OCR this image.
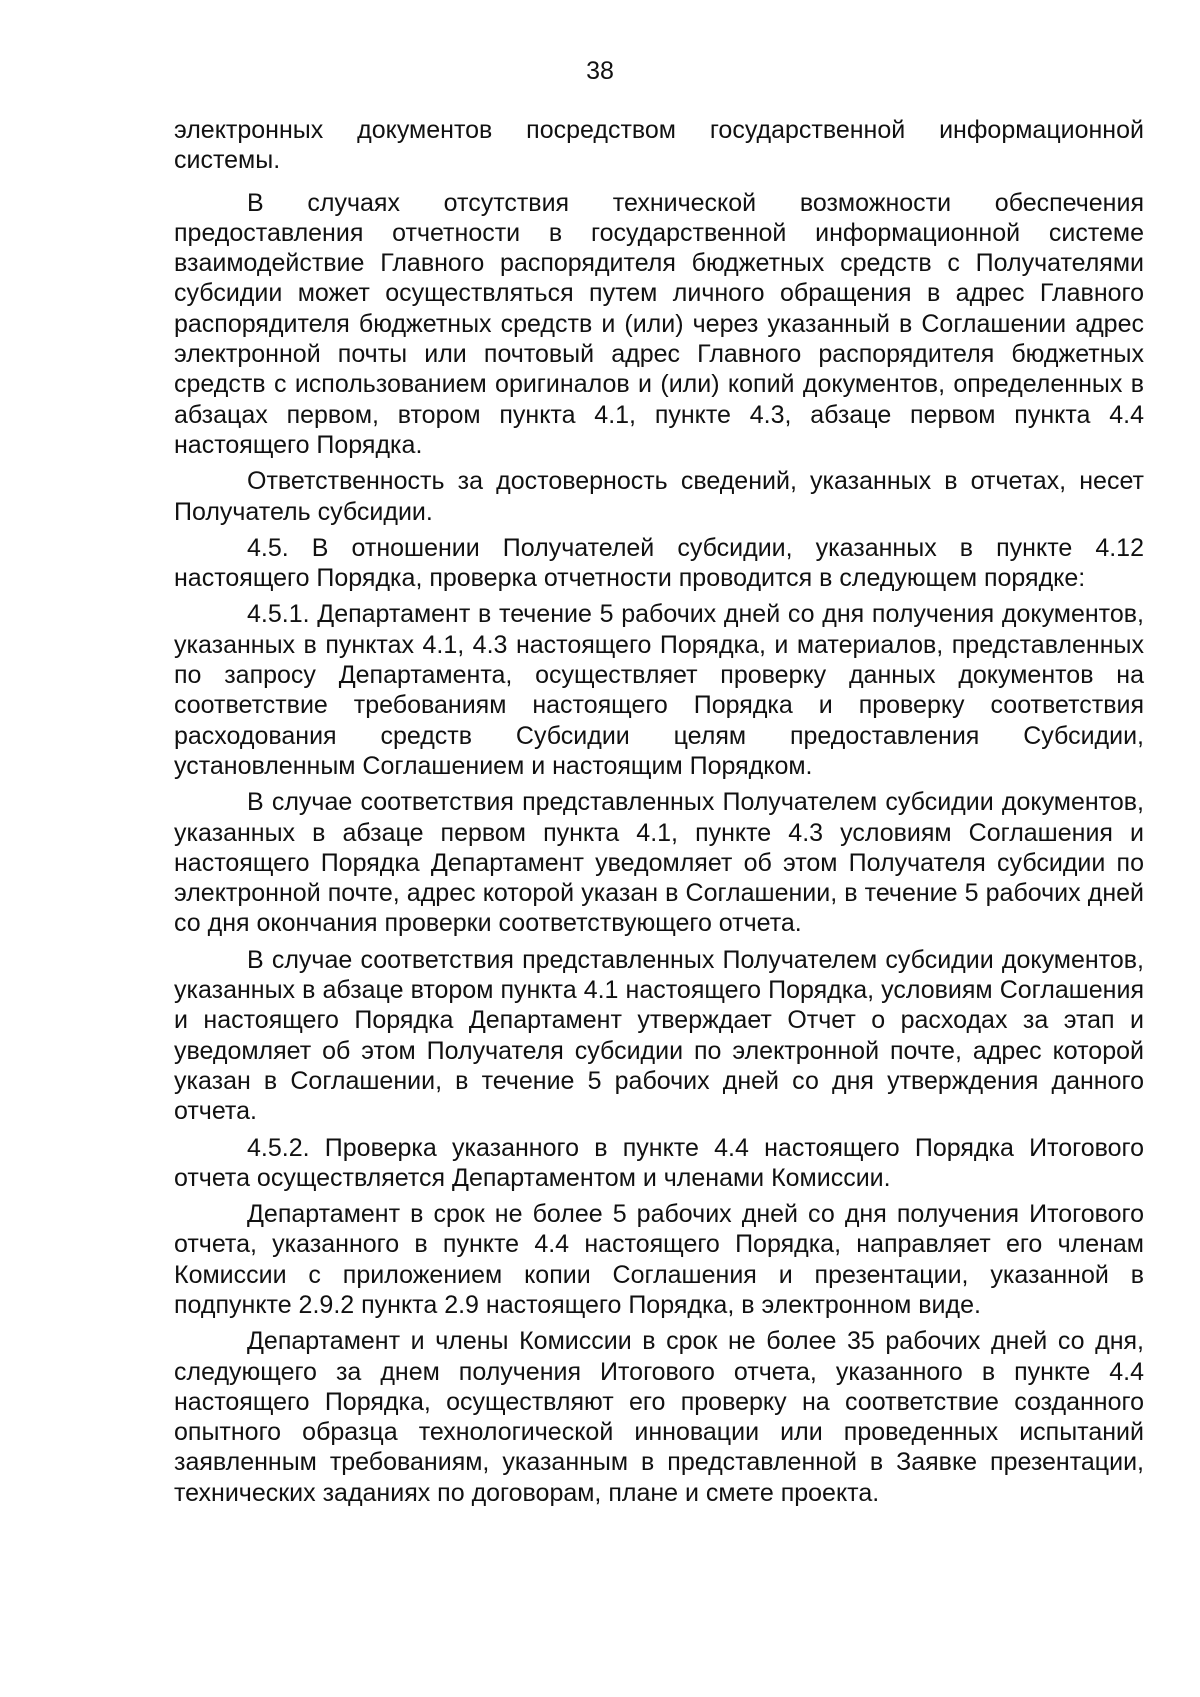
38

электронных документов посредством государственной информационной системы.

В случаях отсутствия технической возможности обеспечения предоставления отчетности в государственной информационной системе взаимодействие Главного распорядителя бюджетных средств с Получателями субсидии может осуществляться путем личного обращения в адрес Главного распорядителя бюджетных средств и (или) через указанный в Соглашении адрес электронной почты или почтовый адрес Главного распорядителя бюджетных средств с использованием оригиналов и (или) копий документов, определенных в абзацах первом, втором пункта 4.1, пункте 4.3, абзаце первом пункта 4.4 настоящего Порядка.

Ответственность за достоверность сведений, указанных в отчетах, несет Получатель субсидии.

4.5. В отношении Получателей субсидии, указанных в пункте 4.12 настоящего Порядка, проверка отчетности проводится в следующем порядке:

4.5.1. Департамент в течение 5 рабочих дней со дня получения документов, указанных в пунктах 4.1, 4.3 настоящего Порядка, и материалов, представленных по запросу Департамента, осуществляет проверку данных документов на соответствие требованиям настоящего Порядка и проверку соответствия расходования средств Субсидии целям предоставления Субсидии, установленным Соглашением и настоящим Порядком.

В случае соответствия представленных Получателем субсидии документов, указанных в абзаце первом пункта 4.1, пункте 4.3 условиям Соглашения и настоящего Порядка Департамент уведомляет об этом Получателя субсидии по электронной почте, адрес которой указан в Соглашении, в течение 5 рабочих дней со дня окончания проверки соответствующего отчета.

В случае соответствия представленных Получателем субсидии документов, указанных в абзаце втором пункта 4.1 настоящего Порядка, условиям Соглашения и настоящего Порядка Департамент утверждает Отчет о расходах за этап и уведомляет об этом Получателя субсидии по электронной почте, адрес которой указан в Соглашении, в течение 5 рабочих дней со дня утверждения данного отчета.

4.5.2. Проверка указанного в пункте 4.4 настоящего Порядка Итогового отчета осуществляется Департаментом и членами Комиссии.

Департамент в срок не более 5 рабочих дней со дня получения Итогового отчета, указанного в пункте 4.4 настоящего Порядка, направляет его членам Комиссии с приложением копии Соглашения и презентации, указанной в подпункте 2.9.2 пункта 2.9 настоящего Порядка, в электронном виде.

Департамент и члены Комиссии в срок не более 35 рабочих дней со дня, следующего за днем получения Итогового отчета, указанного в пункте 4.4 настоящего Порядка, осуществляют его проверку на соответствие созданного опытного образца технологической инновации или проведенных испытаний заявленным требованиям, указанным в представленной в Заявке презентации, технических заданиях по договорам, плане и смете проекта.
